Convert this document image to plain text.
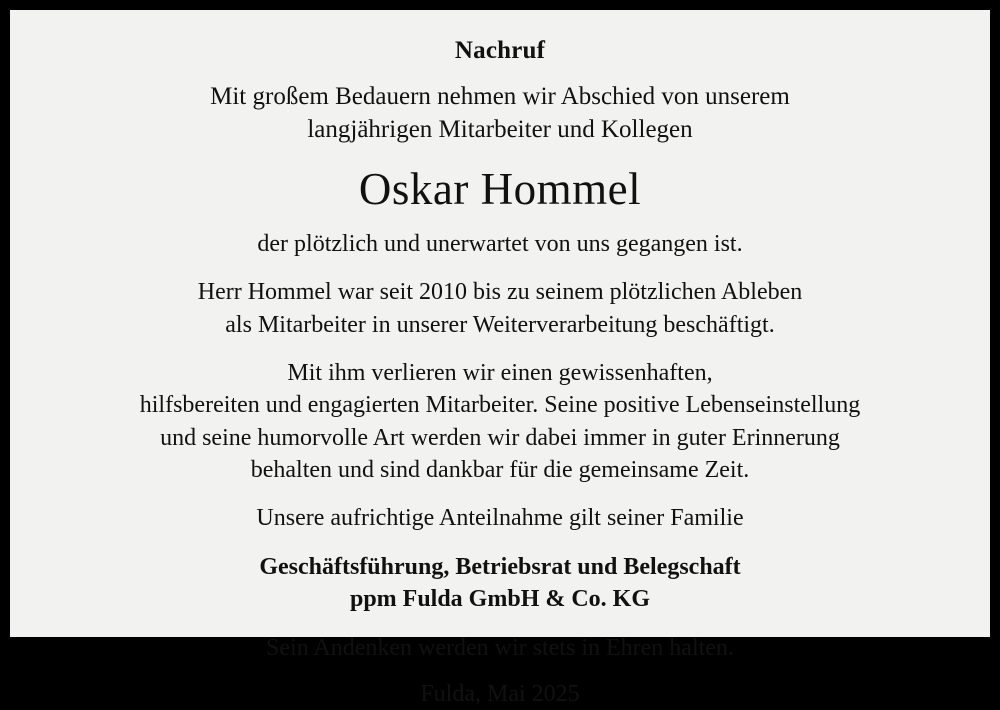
Nachruf
Mit großem Bedauern nehmen wir Abschied von unserem
langjährigen Mitarbeiter und Kollegen
Oskar Hommel
der plötzlich und unerwartet von uns gegangen ist.
Herr Hommel war seit 2010 bis zu seinem plötzlichen Ableben
als Mitarbeiter in unserer Weiterverarbeitung beschäftigt.
Mit ihm verlieren wir einen gewissenhaften,
hilfsbereiten und engagierten Mitarbeiter. Seine positive Lebenseinstellung
und seine humorvolle Art werden wir dabei immer in guter Erinnerung
behalten und sind dankbar für die gemeinsame Zeit.
Unsere aufrichtige Anteilnahme gilt seiner Familie
Geschäftsführung, Betriebsrat und Belegschaft
ppm Fulda GmbH & Co. KG
Sein Andenken werden wir stets in Ehren halten.
Fulda, Mai 2025
